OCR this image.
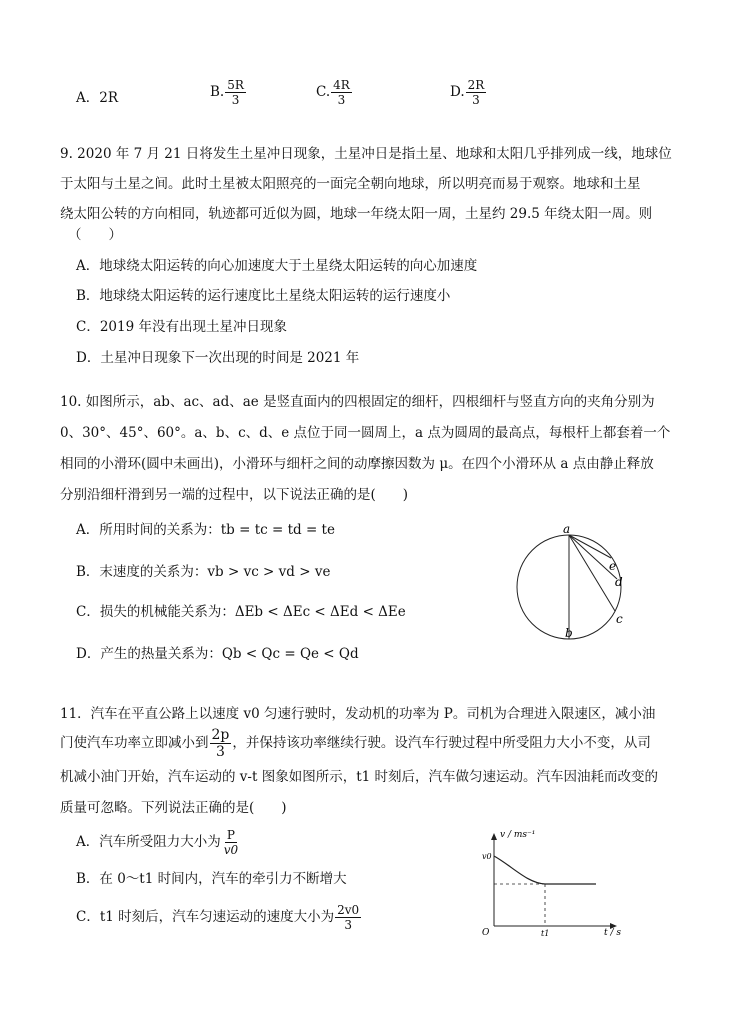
A．2R	B. $\frac{5R}{3}$	C. $\frac{4R}{3}$	D. $\frac{2R}{3}$
9. 2020 年 7 月 21 日将发生土星冲日现象，土星冲日是指土星、地球和太阳几乎排列成一线，地球位
于太阳与土星之间。此时土星被太阳照亮的一面完全朝向地球，所以明亮而易于观察。地球和土星
绕太阳公转的方向相同，轨迹都可近似为圆，地球一年绕太阳一周，土星约 29.5 年绕太阳一周。则
（　　）
A．地球绕太阳运转的向心加速度大于土星绕太阳运转的向心加速度
B．地球绕太阳运转的运行速度比土星绕太阳运转的运行速度小
C．2019 年没有出现土星冲日现象
D．土星冲日现象下一次出现的时间是 2021 年
10. 如图所示，ab、ac、ad、ae 是竖直面内的四根固定的细杆，四根细杆与竖直方向的夹角分别为
0、30°、45°、60°。a、b、c、d、e 点位于同一圆周上，a 点为圆周的最高点，每根杆上都套着一个
相同的小滑环(圆中未画出)，小滑环与细杆之间的动摩擦因数为 μ。在四个小滑环从 a 点由静止释放
分别沿细杆滑到另一端的过程中，以下说法正确的是(　　)
A．所用时间的关系为：tb = tc = td = te
B．末速度的关系为：vb > vc > vd > ve
C．损失的机械能关系为：ΔEb < ΔEc < ΔEd < ΔEe
D．产生的热量关系为：Qb < Qc = Qe < Qd
a
b
c
d
e
11．汽车在平直公路上以速度 v0 匀速行驶时，发动机的功率为 P。司机为合理进入限速区，减小油
门使汽车功率立即减小到 $\frac{2p}{3}$ ，并保持该功率继续行驶。设汽车行驶过程中所受阻力大小不变，从司
机减小油门开始，汽车运动的 v-t 图象如图所示，t1 时刻后，汽车做匀速运动。汽车因油耗而改变的
质量可忽略。下列说法正确的是(　　)
A．汽车所受阻力大小为 $\frac{P}{v0}$
B．在 0～t1 时间内，汽车的牵引力不断增大
C．t1 时刻后，汽车匀速运动的速度大小为 $\frac{2v0}{3}$
v / ms⁻¹
t / s
O
v0
t1
